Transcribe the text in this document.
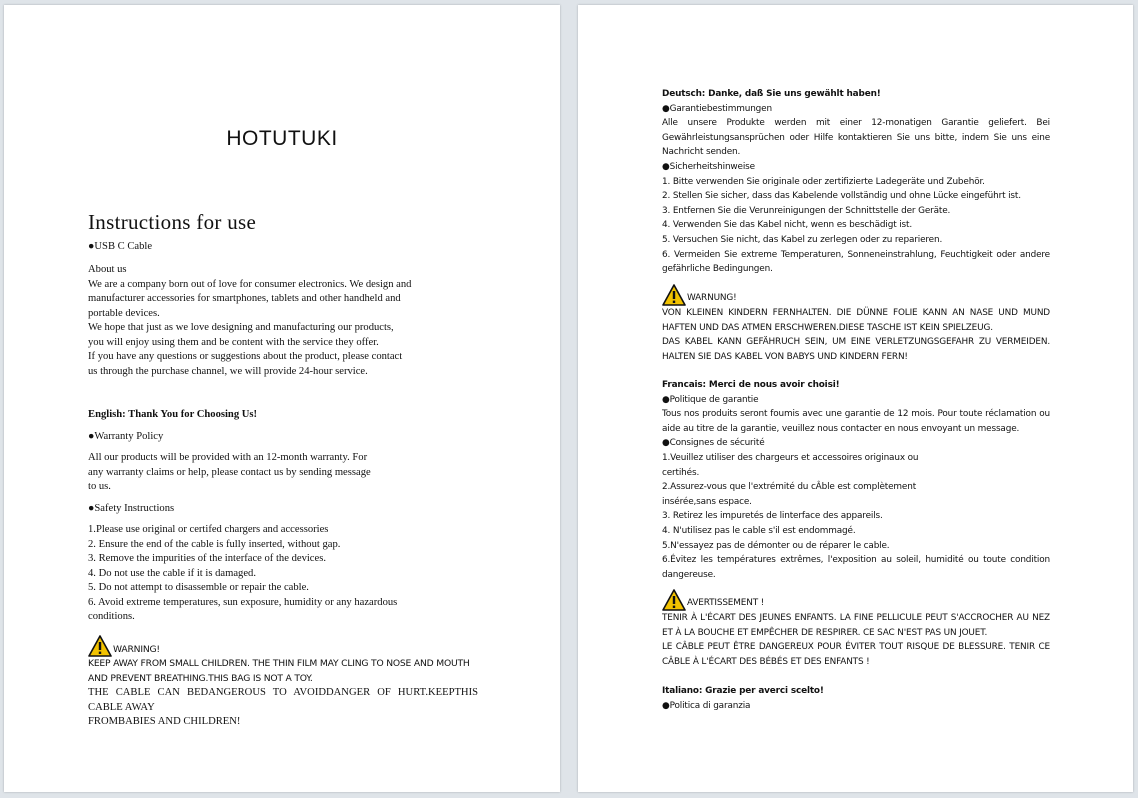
HOTUTUKI
Instructions for use

●USB C Cable

About us

We are a company born out of love for consumer electronics. We design and

manufacturer accessories for smartphones, tablets and other handheld and

portable devices.

We hope that just as we love designing and manufacturing our products,

you will enjoy using them and be content with the service they offer.

If you have any questions or suggestions about the product, please contact

us through the purchase channel, we will provide 24-hour service.

English: Thank You for Choosing Us!

●Warranty Policy

All our products will be provided with an 12-month warranty. For

any warranty claims or help, please contact us by sending message

to us.

●Safety Instructions

1.Please use original or certifed chargers and accessories

2. Ensure the end of the cable is fully inserted, without gap.

3. Remove the impurities of the interface of the devices.

4. Do not use the cable if it is damaged.

5. Do not attempt to disassemble or repair the cable.

6. Avoid extreme temperatures, sun exposure, humidity or any hazardous

conditions.

WARNING!

KEEP AWAY FROM SMALL CHILDREN. THE THIN FILM MAY CLING TO NOSE AND MOUTH

AND PREVENT BREATHING.THIS BAG IS NOT A TOY.

THE CABLE CAN BEDANGEROUS TO AVOIDDANGER OF HURT.KEEPTHIS CABLE AWAY

FROMBABIES AND CHILDREN!

Deutsch: Danke, daß Sie uns gewählt haben!

●Garantiebestimmungen

Alle unsere Produkte werden mit einer 12-monatigen Garantie geliefert. Bei

Gewährleistungsansprüchen oder Hilfe kontaktieren Sie uns bitte, indem Sie uns eine

Nachricht senden.

●Sicherheitshinweise

1. Bitte verwenden Sie originale oder zertifizierte Ladegeräte und Zubehör.

2. Stellen Sie sicher, dass das Kabelende vollständig und ohne Lücke eingeführt ist.

3. Entfernen Sie die Verunreinigungen der Schnittstelle der Geräte.

4. Verwenden Sie das Kabel nicht, wenn es beschädigt ist.

5. Versuchen Sie nicht, das Kabel zu zerlegen oder zu reparieren.

6. Vermeiden Sie extreme Temperaturen, Sonneneinstrahlung, Feuchtigkeit oder andere

gefährliche Bedingungen.

WARNUNG!

VON KLEINEN KINDERN FERNHALTEN. DIE DÜNNE FOLIE KANN AN NASE UND MUND

HAFTEN UND DAS ATMEN ERSCHWEREN.DIESE TASCHE IST KEIN SPIELZEUG.

DAS KABEL KANN GEFÄHRUCH SEIN, UM EINE VERLETZUNGSGEFAHR ZU VERMEIDEN.

HALTEN SIE DAS KABEL VON BABYS UND KINDERN FERN!

Francais: Merci de nous avoir choisi!

●Politique de garantie

Tous nos produits seront foumis avec une garantie de 12 mois. Pour toute réclamation ou

aide au titre de la garantie, veuillez nous contacter en nous envoyant un message.

●Consignes de sécurité

1.Veuillez utiliser des chargeurs et accessoires originaux ou

certihés.

2.Assurez-vous que l'extrémité du cÂble est complètement

insérée,sans espace.

3. Retirez les impuretés de linterface des appareils.

4. N'utilisez pas le cable s'il est endommagé.

5.N'essayez pas de démonter ou de réparer le cable.

6.Évitez les températures extrêmes, l'exposition au soleil, humidité ou toute condition

dangereuse.

AVERTISSEMENT !

TENIR À L'ÉCART DES JEUNES ENFANTS. LA FINE PELLICULE PEUT S'ACCROCHER AU NEZ

ET À LA BOUCHE ET EMPÊCHER DE RESPIRER. CE SAC N'EST PAS UN JOUET.

LE CÂBLE PEUT ÊTRE DANGEREUX POUR ÉVITER TOUT RISQUE DE BLESSURE. TENIR CE

CÂBLE À L'ÉCART DES BÉBÉS ET DES ENFANTS !

Italiano: Grazie per averci scelto!

●Politica di garanzia
